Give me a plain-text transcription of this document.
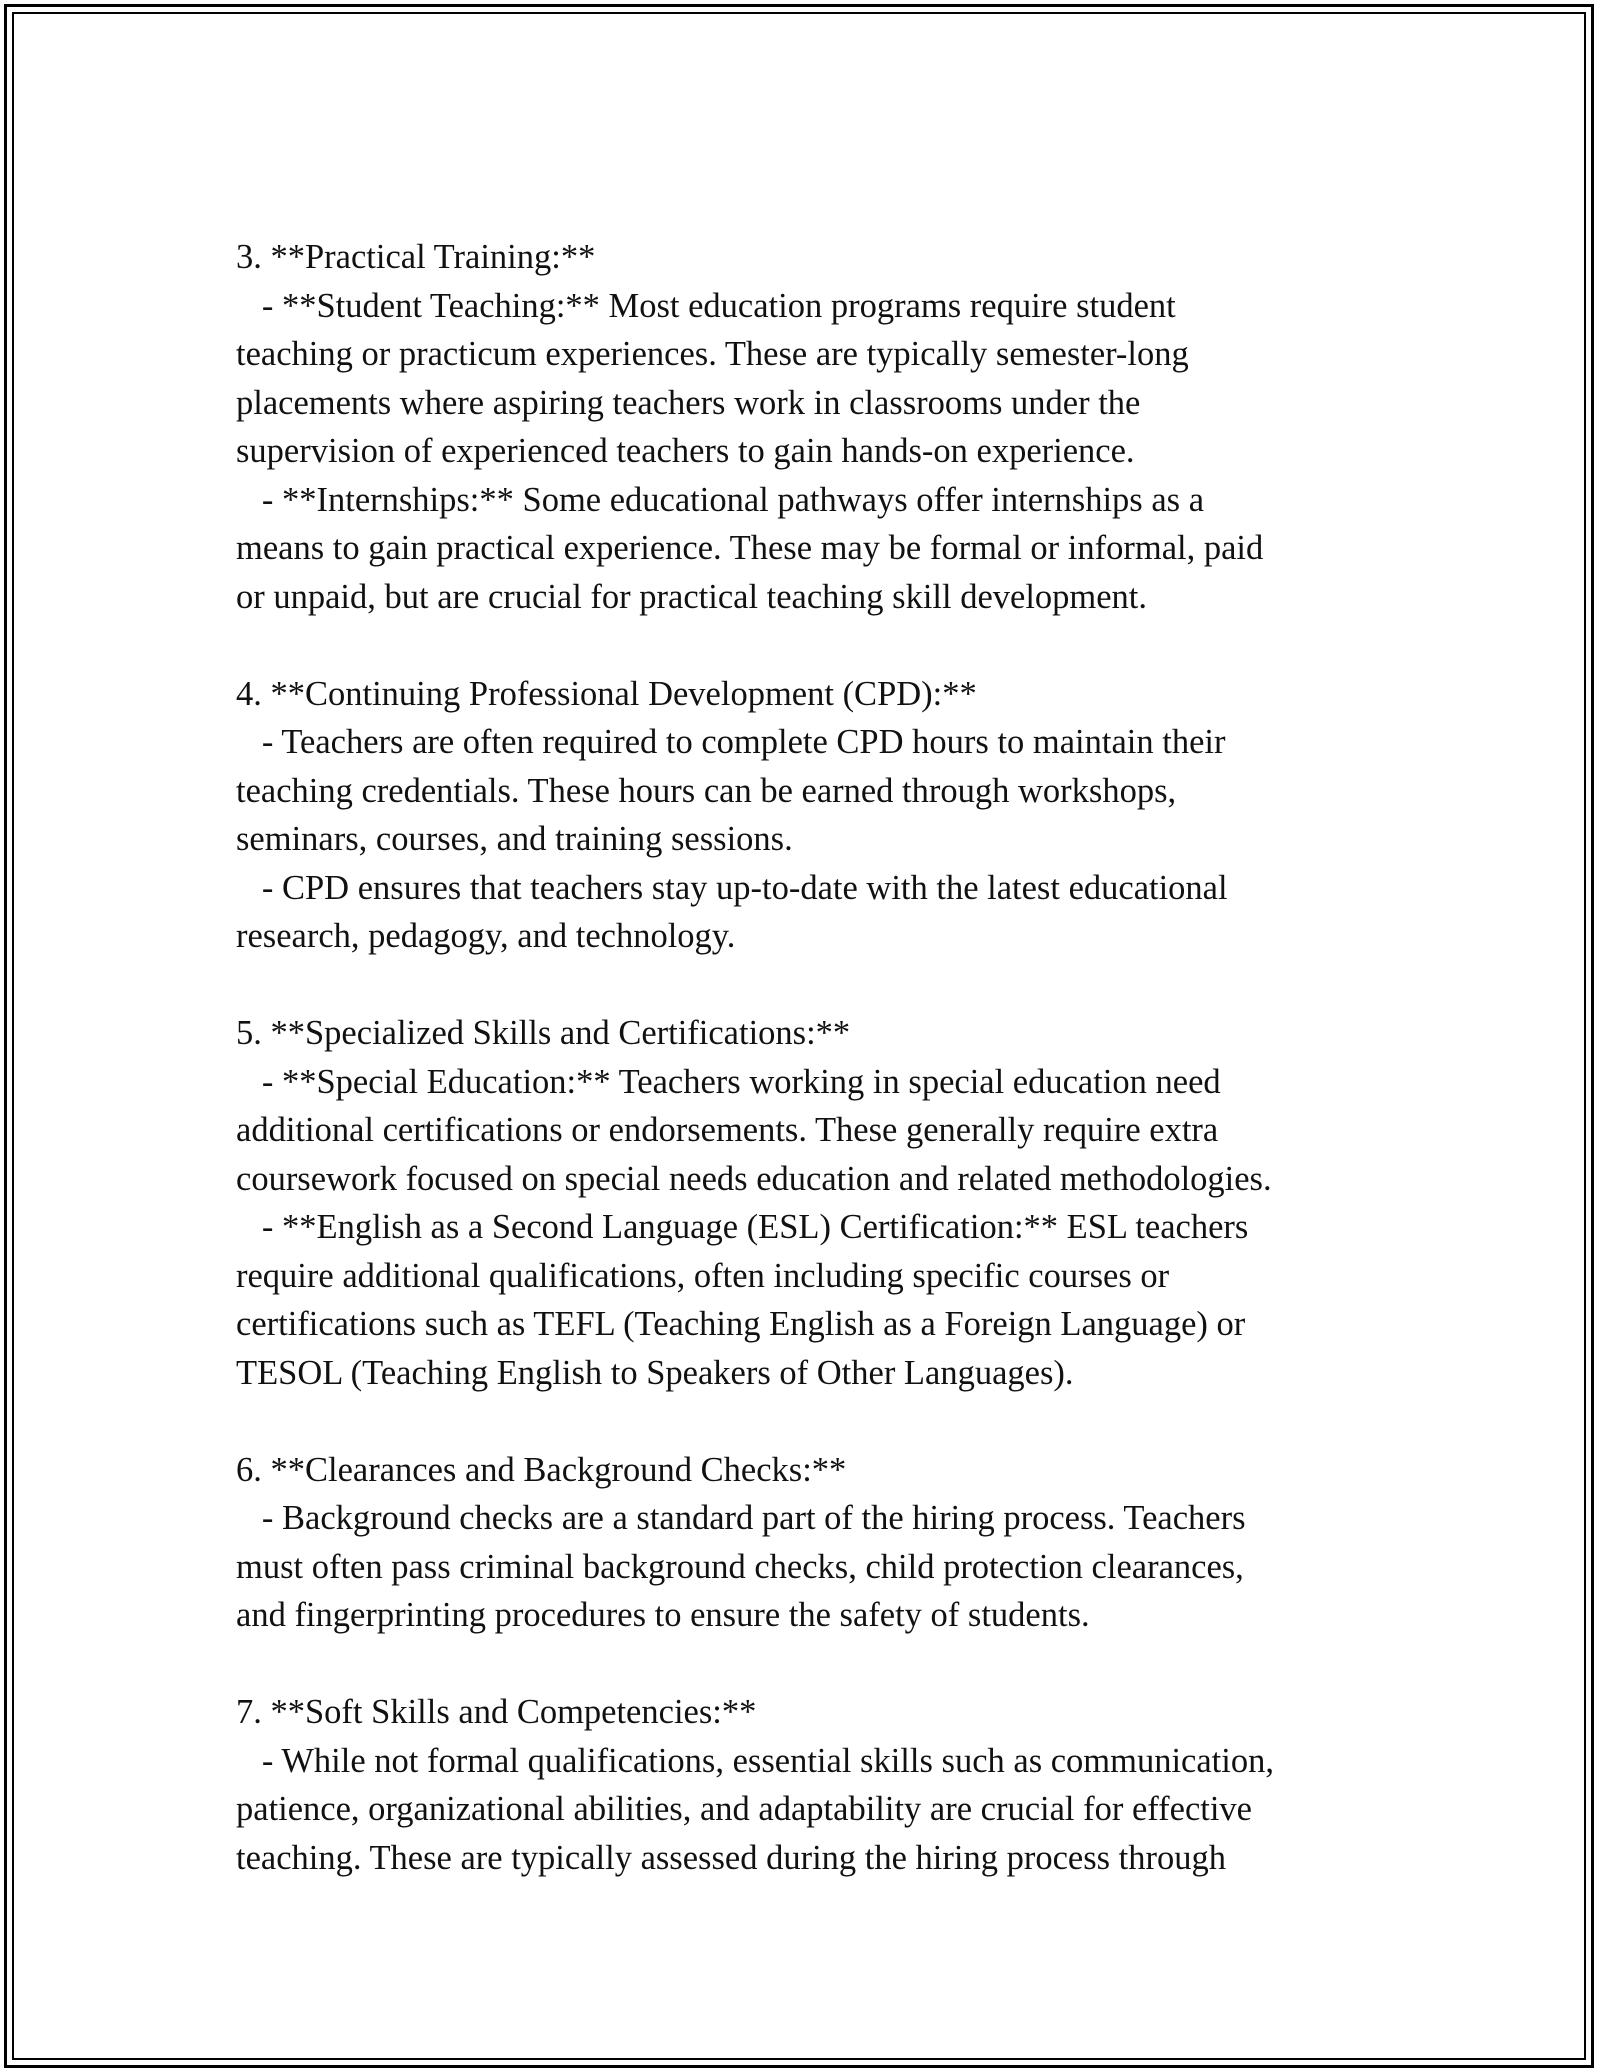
3. **Practical Training:**
- **Student Teaching:** Most education programs require student
teaching or practicum experiences. These are typically semester-long
placements where aspiring teachers work in classrooms under the
supervision of experienced teachers to gain hands-on experience.
- **Internships:** Some educational pathways offer internships as a
means to gain practical experience. These may be formal or informal, paid
or unpaid, but are crucial for practical teaching skill development.
4. **Continuing Professional Development (CPD):**
- Teachers are often required to complete CPD hours to maintain their
teaching credentials. These hours can be earned through workshops,
seminars, courses, and training sessions.
- CPD ensures that teachers stay up-to-date with the latest educational
research, pedagogy, and technology.
5. **Specialized Skills and Certifications:**
- **Special Education:** Teachers working in special education need
additional certifications or endorsements. These generally require extra
coursework focused on special needs education and related methodologies.
- **English as a Second Language (ESL) Certification:** ESL teachers
require additional qualifications, often including specific courses or
certifications such as TEFL (Teaching English as a Foreign Language) or
TESOL (Teaching English to Speakers of Other Languages).
6. **Clearances and Background Checks:**
- Background checks are a standard part of the hiring process. Teachers
must often pass criminal background checks, child protection clearances,
and fingerprinting procedures to ensure the safety of students.
7. **Soft Skills and Competencies:**
- While not formal qualifications, essential skills such as communication,
patience, organizational abilities, and adaptability are crucial for effective
teaching. These are typically assessed during the hiring process through
